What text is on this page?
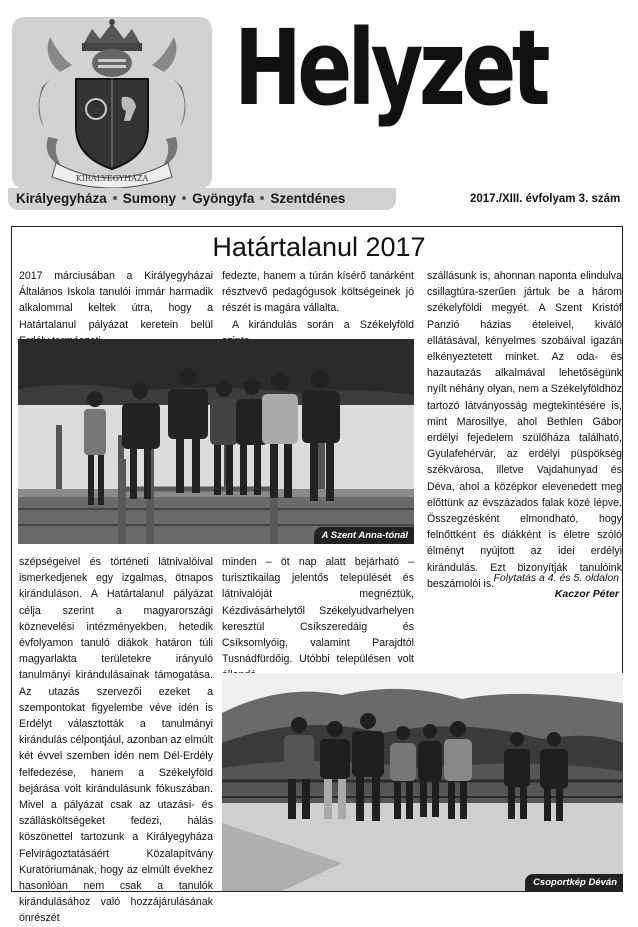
KIRÁLYEGYHÁZA
Helyzet
Királyegyháza Sumony Gyöngyfa Szentdénes	2017./XIII. évfolyam 3. szám
Határtalanul 2017

2017 márciusában a Királyegyházai Általános Iskola tanulói immár harmadik alkalommal keltek útra, hogy a Határtalanul pályázat keretein belül

fedezte, hanem a túrán kísérő tanárként résztvevő pedagógusok költségeinek jó részét is magára vállalta.

A kirándulás során a Székelyföld

szállásunk is, ahonnan naponta elindulva csillagtúra-szerűen jártuk be a három székelyföldi megyét. A Szent Kristóf Panzió házias ételeivel, kiváló ellátásával, kényelmes szobáival igazán elkényeztetett minket. Az oda- és hazautazás alkalmával lehetőségünk nyílt néhány olyan, nem a Székelyföldhöz tartozó látványosság megtekintésére is, mint Marosillye, ahol Bethlen Gábor erdélyi fejedelem szülőháza található, Gyulafehérvár, az erdélyi püspökség székvárosa, illetve Vajdahunyad és Déva, ahol a középkor elevenedett meg előttünk az évszázados falak közé lépve. Összegzésként elmondható, hogy felnőttként és diákként is életre szóló élményt nyújtott az idei erdélyi kirándulás. Ezt bizonyítják tanulóink beszámolói is. Folytatás a 4. és 5. oldalon
Kaczor Péter
A Szent Anna-tónál

szépségeivel és történeti látnivalóival ismerkedjenek egy izgalmas, ötnapos kiránduláson. A Határtalanul pályázat célja szerint a magyarországi köznevelési intézményekben, hetedik évfolyamon tanuló diákok határon túli magyarlakta területekre irányuló tanulmányi kirándulásainak támogatása. Az utazás szervezői ezeket a szempontokat figyelembe véve idén is Erdélyt választották a tanulmányi kirándulás célpontjául, azonban az elmúlt két évvel szemben idén nem Dél-Erdély felfedezése, hanem a Székelyföld bejárása volt kirándulásunk fókuszában. Mivel a pályázat csak az utazási- és szállásköltségeket fedezi, hálás köszönettel tartozunk a Királyegyháza Felvirágoztatásáért Közalapítvány Kuratóriumának, hogy az elmúlt évekhez hasonlóan nem csak a tanulók kirándulásához való hozzájárulásának önrészét

minden – öt nap alatt bejárható – turisztikailag jelentős települését és látnivalóját megnéztük, Kézdivásárhelytől Székelyudvarhelyen keresztül Csíkszeredáig és Csíksomlyóig, valamint Parajdtól Tusnádfürdőig. Utóbbi településen volt

Csoportkép Déván
